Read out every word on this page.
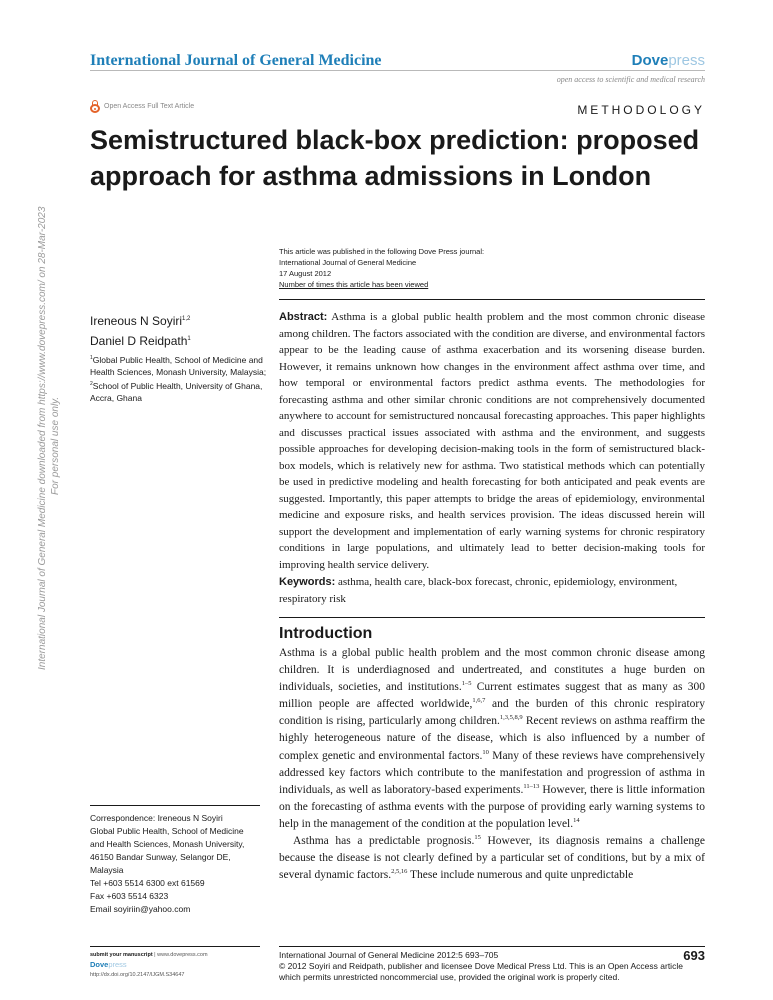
International Journal of General Medicine	Dovepress
open access to scientific and medical research
Open Access Full Text Article	METHODOLOGY
Semistructured black-box prediction: proposed
approach for asthma admissions in London
International Journal of General Medicine downloaded from https://www.dovepress.com/ on 28-Mar-2023 For personal use only.
This article was published in the following Dove Press journal:
International Journal of General Medicine
17 August 2012
Number of times this article has been viewed
Ireneous N Soyiri$^{1,2}$
Daniel D Reidpath$^1$
$^1$Global Public Health, School of Medicine and Health Sciences, Monash University, Malaysia; $^2$School of Public Health, University of Ghana, Accra, Ghana
Abstract: Asthma is a global public health problem and the most common chronic disease among children. The factors associated with the condition are diverse, and environmental factors appear to be the leading cause of asthma exacerbation and its worsening disease burden. However, it remains unknown how changes in the environment affect asthma over time, and how temporal or environmental factors predict asthma events. The methodologies for forecasting asthma and other similar chronic conditions are not comprehensively documented anywhere to account for semistructured noncausal forecasting approaches. This paper highlights and discusses practical issues associated with asthma and the environment, and suggests possible approaches for developing decision-making tools in the form of semistructured black-box models, which is relatively new for asthma. Two statistical methods which can potentially be used in predictive modeling and health forecasting for both anticipated and peak events are suggested. Importantly, this paper attempts to bridge the areas of epidemiology, environmental medicine and exposure risks, and health services provision. The ideas discussed herein will support the development and implementation of early warning systems for chronic respiratory conditions in large populations, and ultimately lead to better decision-making tools for improving health service delivery.
Keywords: asthma, health care, black-box forecast, chronic, epidemiology, environment, respiratory risk
Introduction

Asthma is a global public health problem and the most common chronic disease among children. It is underdiagnosed and undertreated, and constitutes a huge burden on individuals, societies, and institutions.$^{1-5}$ Current estimates suggest that as many as 300 million people are affected worldwide,$^{1,6,7}$ and the burden of this chronic respiratory condition is rising, particularly among children.$^{1,3,5,8,9}$ Recent reviews on asthma reaffirm the highly heterogeneous nature of the disease, which is also influenced by a number of complex genetic and environmental factors.$^{10}$ Many of these reviews have comprehensively addressed key factors which contribute to the manifestation and progression of asthma in individuals, as well as laboratory-based experiments.$^{11-13}$ However, there is little information on the forecasting of asthma events with the purpose of providing early warning systems to help in the management of the condition at the population level.$^{14}$

Asthma has a predictable prognosis.$^{15}$ However, its diagnosis remains a challenge because the disease is not clearly defined by a particular set of conditions, but by a mix of several dynamic factors.$^{2,5,16}$ These include numerous and quite unpredictable

Correspondence: Ireneous N Soyiri
Global Public Health, School of Medicine
and Health Sciences, Monash University,
46150 Bandar Sunway, Selangor DE,
Malaysia
Tel +603 5514 6300 ext 61569
Fax +603 5514 6323
Email soyiriin@yahoo.com
submit your manuscript | www.dovepress.com
Dovepress
http://dx.doi.org/10.2147/IJGM.S34647
International Journal of General Medicine 2012:5 693–705
© 2012 Soyiri and Reidpath, publisher and licensee Dove Medical Press Ltd. This is an Open Access article which permits unrestricted noncommercial use, provided the original work is properly cited.
693
